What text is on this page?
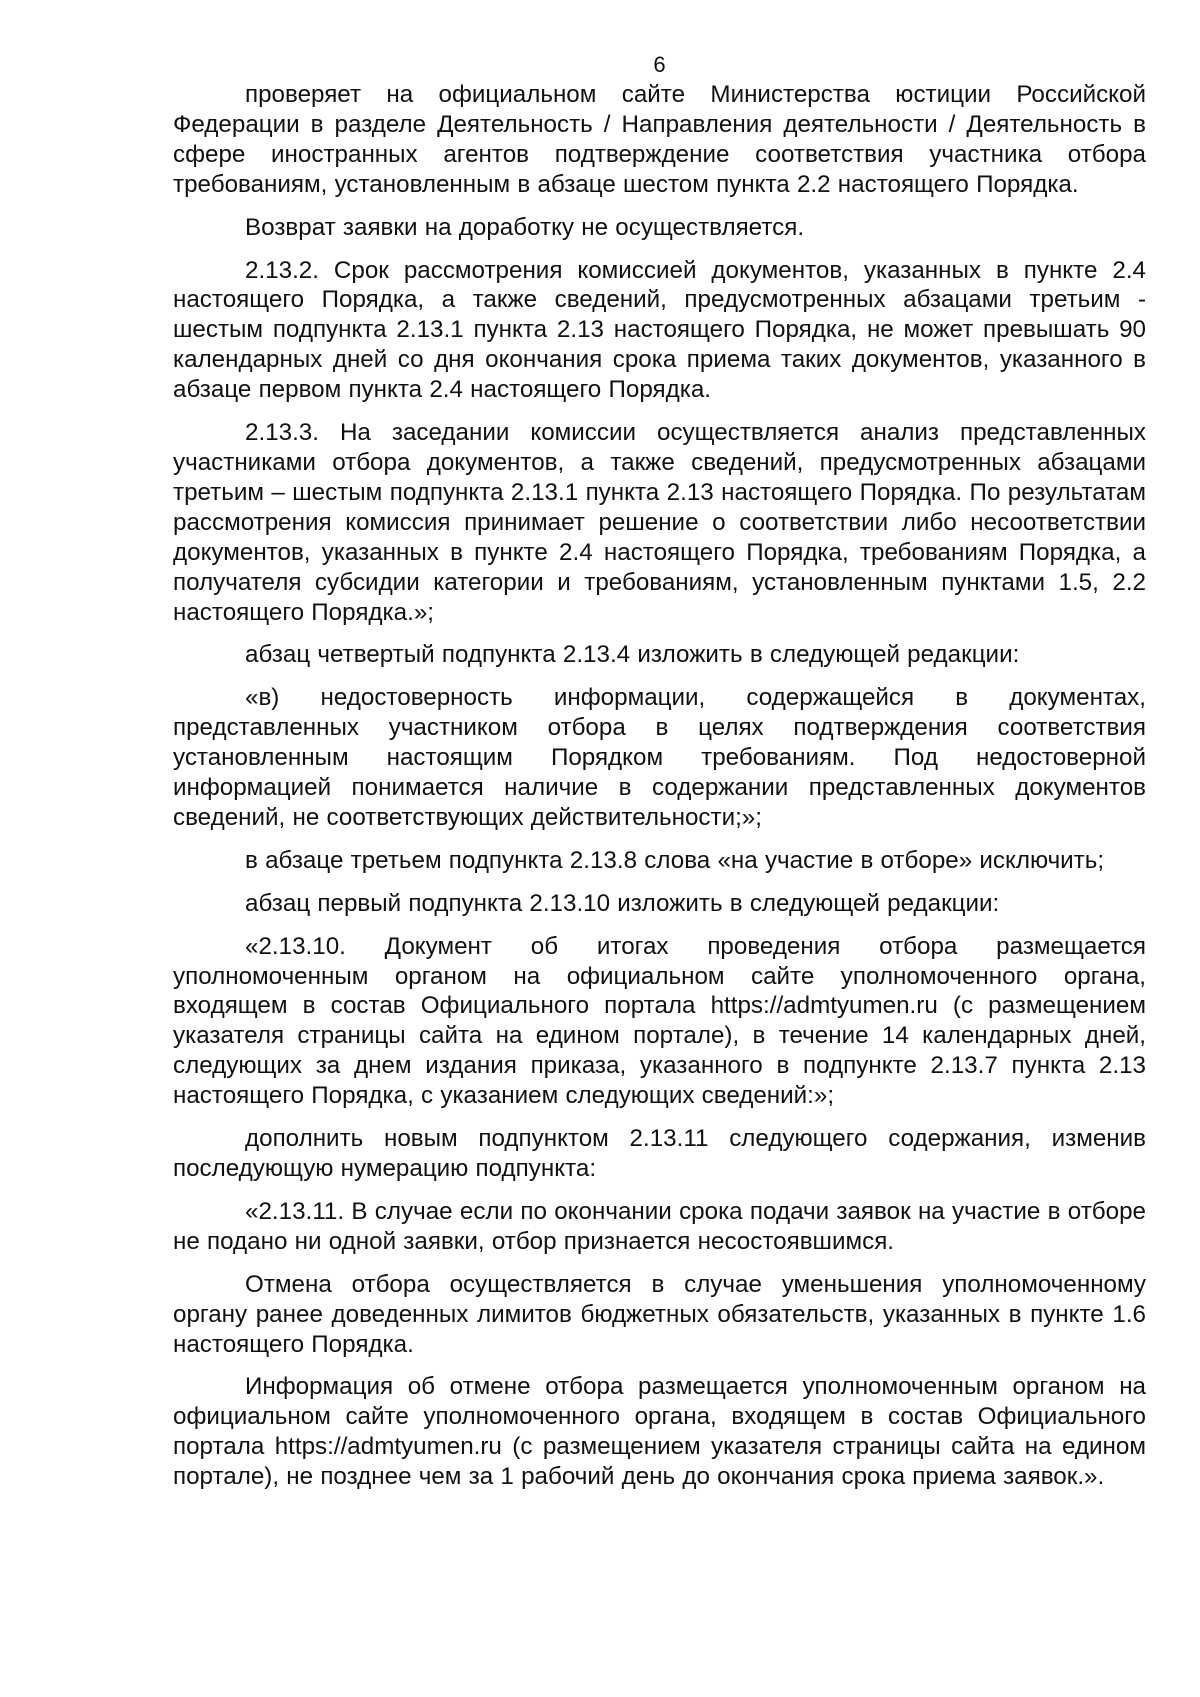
6

проверяет на официальном сайте Министерства юстиции Российской Федерации в разделе Деятельность / Направления деятельности / Деятельность в сфере иностранных агентов подтверждение соответствия участника отбора требованиям, установленным в абзаце шестом пункта 2.2 настоящего Порядка.

Возврат заявки на доработку не осуществляется.

2.13.2. Срок рассмотрения комиссией документов, указанных в пункте 2.4 настоящего Порядка, а также сведений, предусмотренных абзацами третьим - шестым подпункта 2.13.1 пункта 2.13 настоящего Порядка, не может превышать 90 календарных дней со дня окончания срока приема таких документов, указанного в абзаце первом пункта 2.4 настоящего Порядка.

2.13.3. На заседании комиссии осуществляется анализ представленных участниками отбора документов, а также сведений, предусмотренных абзацами третьим – шестым подпункта 2.13.1 пункта 2.13 настоящего Порядка. По результатам рассмотрения комиссия принимает решение о соответствии либо несоответствии документов, указанных в пункте 2.4 настоящего Порядка, требованиям Порядка, а получателя субсидии категории и требованиям, установленным пунктами 1.5, 2.2 настоящего Порядка.»;

абзац четвертый подпункта 2.13.4 изложить в следующей редакции:

«в) недостоверность информации, содержащейся в документах, представленных участником отбора в целях подтверждения соответствия установленным настоящим Порядком требованиям. Под недостоверной информацией понимается наличие в содержании представленных документов сведений, не соответствующих действительности;»;

в абзаце третьем подпункта 2.13.8 слова «на участие в отборе» исключить;

абзац первый подпункта 2.13.10 изложить в следующей редакции:

«2.13.10. Документ об итогах проведения отбора размещается уполномоченным органом на официальном сайте уполномоченного органа, входящем в состав Официального портала https://admtyumen.ru (с размещением указателя страницы сайта на едином портале), в течение 14 календарных дней, следующих за днем издания приказа, указанного в подпункте 2.13.7 пункта 2.13 настоящего Порядка, с указанием следующих сведений:»;

дополнить новым подпунктом 2.13.11 следующего содержания, изменив последующую нумерацию подпункта:

«2.13.11. В случае если по окончании срока подачи заявок на участие в отборе не подано ни одной заявки, отбор признается несостоявшимся.

Отмена отбора осуществляется в случае уменьшения уполномоченному органу ранее доведенных лимитов бюджетных обязательств, указанных в пункте 1.6 настоящего Порядка.

Информация об отмене отбора размещается уполномоченным органом на официальном сайте уполномоченного органа, входящем в состав Официального портала https://admtyumen.ru (с размещением указателя страницы сайта на едином портале), не позднее чем за 1 рабочий день до окончания срока приема заявок.».
